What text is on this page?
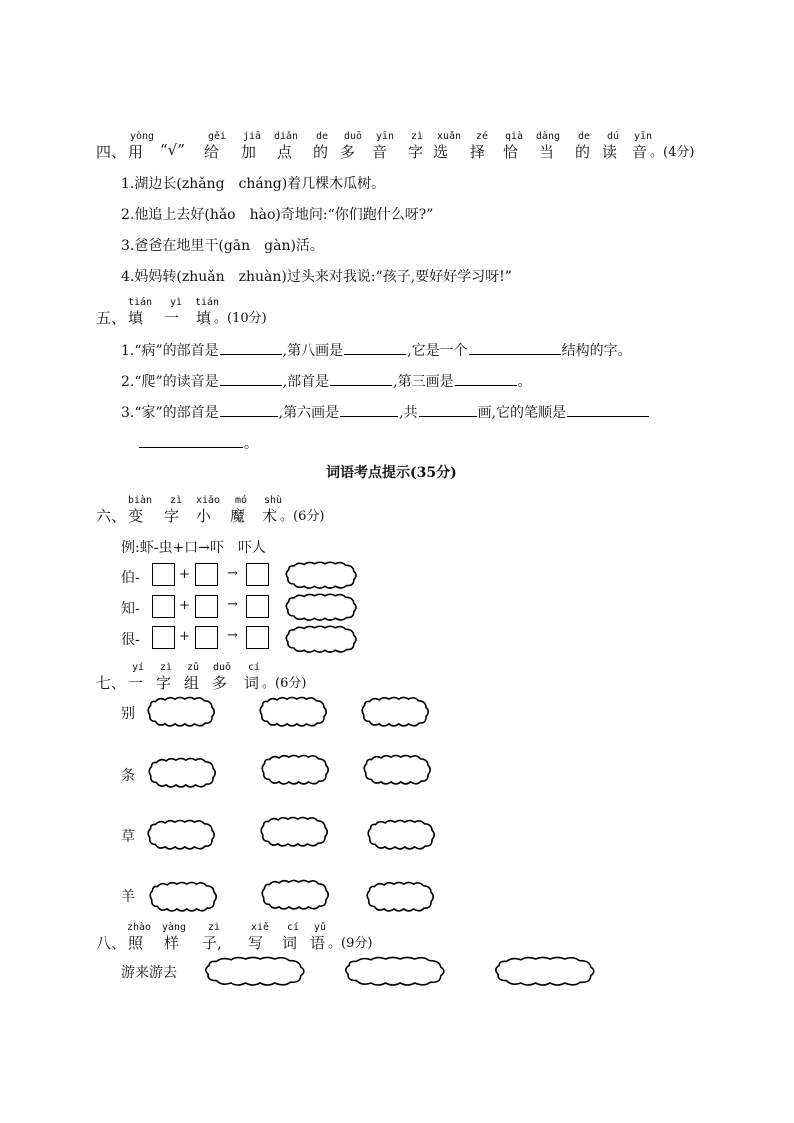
四、
yòng
用 “√”
gěi
给
jiā
加
diǎn
点
de
的
duō
多
yīn
音
zì
字
xuǎn
选
zé
择
qià
恰
dàng
当
de
的
dú
读
yīn
音 。(4分)
1.湖边长(zhǎng　cháng)着几棵木瓜树。
2.他追上去好(hǎo　hào)奇地问:“你们跑什么呀?”
3.爸爸在地里干(gān　gàn)活。
4.妈妈转(zhuǎn　zhuàn)过头来对我说:“孩子,要好好学习呀!”
五、
tián
填
yì
一
tián
填 。(10分)
1.“病”的部首是	,第八画是	,它是一个	结构的字。
2.“爬”的读音是	,部首是	,第三画是	。
3.“家”的部首是	,第六画是	,共	画,它的笔顺是
。
词语考点提示(35分)
六、
biàn
变
zì
字
xiǎo
小
mó
魔
shù
术 。(6分)
例:虾-虫+口→吓　吓人
伯-	+	→
知-	+	→
很-	+	→
七、
yí
一
zì
字
zǔ
组
duō
多
cí
词 。(6分)
别
条
草
羊
八、
zhào
照
yàng
样
zi
子,
xiě
写
cí
词
yǔ
语 。(9分)
游来游去
